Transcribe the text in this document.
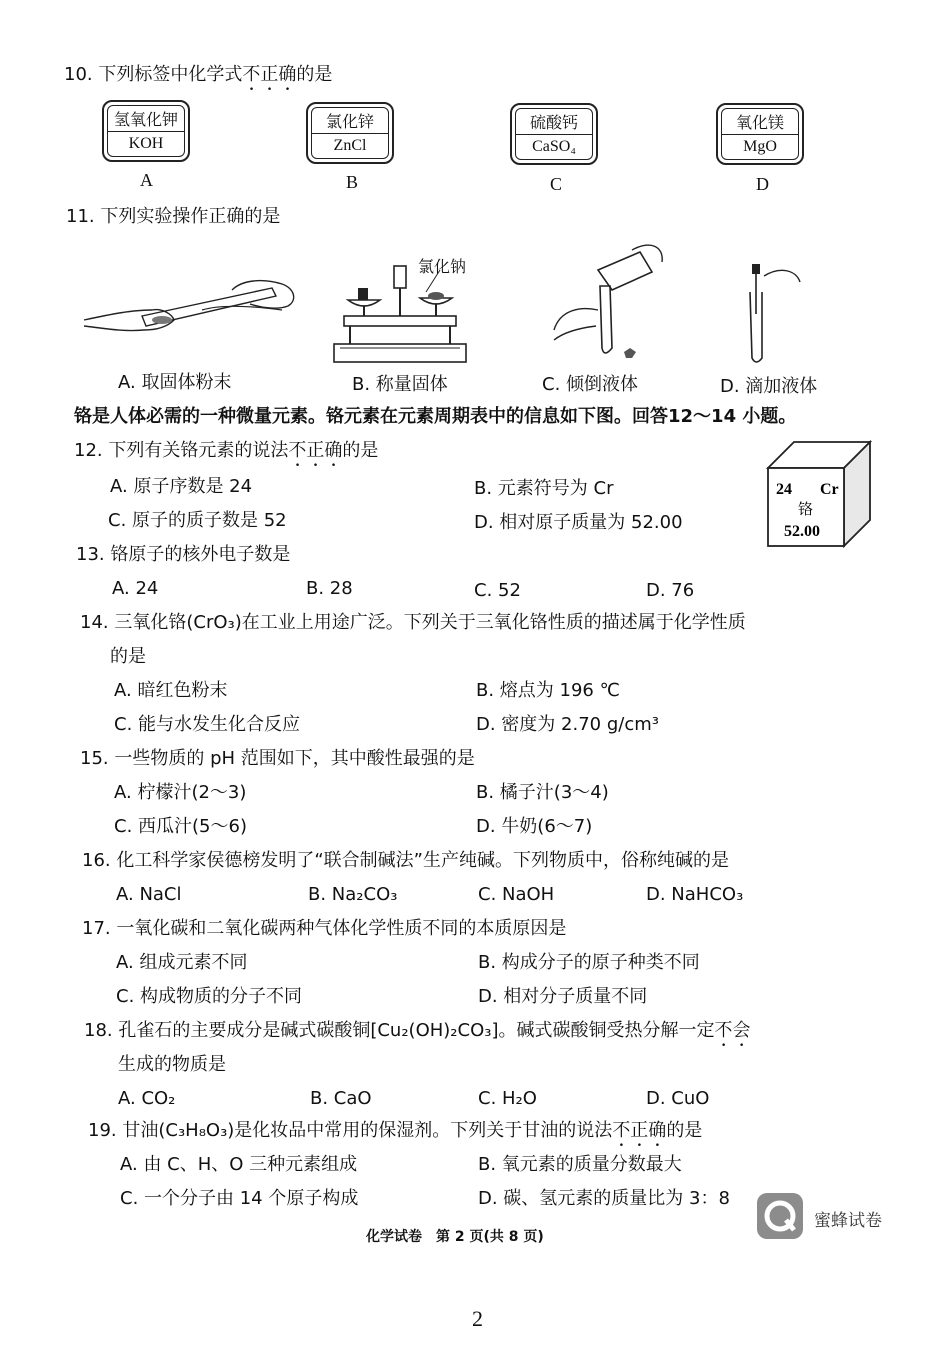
10. 下列标签中化学式不正确的是
氢氧化钾
KOH
A
氯化锌
ZnCl
B
硫酸钙
CaSO₄
C
氧化镁
MgO
D
11. 下列实验操作正确的是
氯化钠
A. 取固体粉末	B. 称量固体	C. 倾倒液体	D. 滴加液体
铬是人体必需的一种微量元素。铬元素在元素周期表中的信息如下图。回答12～14 小题。
12. 下列有关铬元素的说法不正确的是
A. 原子序数是 24	B. 元素符号为 Cr
C. 原子的质子数是 52	D. 相对原子质量为 52.00
24 Cr
铬
52.00
13. 铬原子的核外电子数是
A. 24	B. 28	C. 52	D. 76
14. 三氧化铬(CrO₃)在工业上用途广泛。下列关于三氧化铬性质的描述属于化学性质
的是
A. 暗红色粉末	B. 熔点为 196 ℃
C. 能与水发生化合反应	D. 密度为 2.70 g/cm³
15. 一些物质的 pH 范围如下，其中酸性最强的是
A. 柠檬汁(2～3)	B. 橘子汁(3～4)
C. 西瓜汁(5～6)	D. 牛奶(6～7)
16. 化工科学家侯德榜发明了“联合制碱法”生产纯碱。下列物质中，俗称纯碱的是
A. NaCl	B. Na₂CO₃	C. NaOH	D. NaHCO₃
17. 一氧化碳和二氧化碳两种气体化学性质不同的本质原因是
A. 组成元素不同	B. 构成分子的原子种类不同
C. 构成物质的分子不同	D. 相对分子质量不同
18. 孔雀石的主要成分是碱式碳酸铜[Cu₂(OH)₂CO₃]。碱式碳酸铜受热分解一定不会
生成的物质是
A. CO₂	B. CaO	C. H₂O	D. CuO
19. 甘油(C₃H₈O₃)是化妆品中常用的保湿剂。下列关于甘油的说法不正确的是
A. 由 C、H、O 三种元素组成	B. 氧元素的质量分数最大
C. 一个分子由 14 个原子构成	D. 碳、氢元素的质量比为 3：8
蜜蜂试卷
化学试卷　第 2 页(共 8 页)
2
